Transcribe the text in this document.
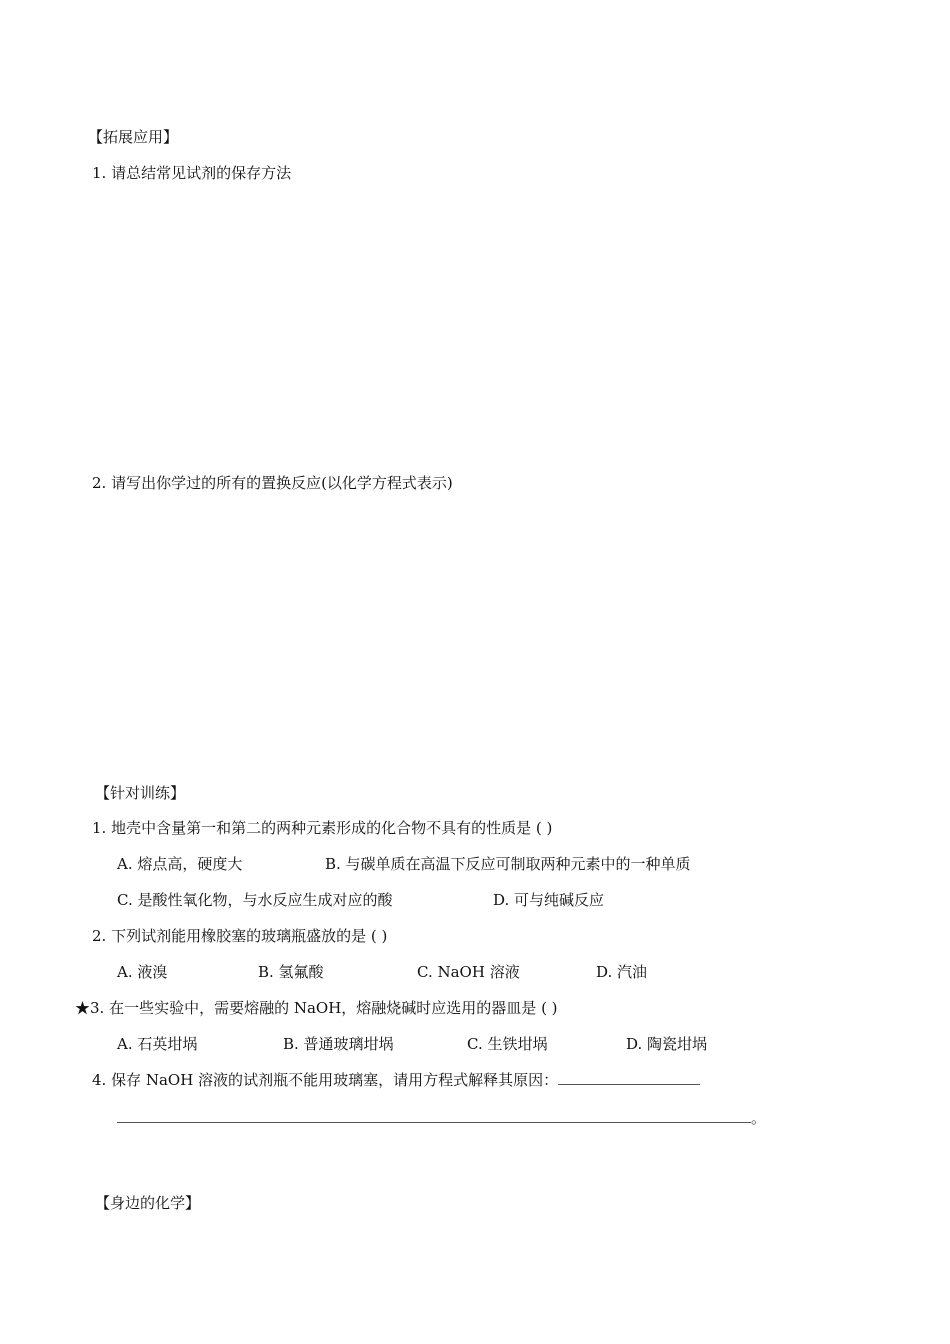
【拓展应用】
1. 请总结常见试剂的保存方法
2. 请写出你学过的所有的置换反应(以化学方程式表示)
【针对训练】
1. 地壳中含量第一和第二的两种元素形成的化合物不具有的性质是 ( )
A. 熔点高，硬度大	B. 与碳单质在高温下反应可制取两种元素中的一种单质
C. 是酸性氧化物，与水反应生成对应的酸	D. 可与纯碱反应
2. 下列试剂能用橡胶塞的玻璃瓶盛放的是 ( )
A. 液溴	B. 氢氟酸	C. NaOH 溶液	D. 汽油
★3. 在一些实验中，需要熔融的 NaOH，熔融烧碱时应选用的器皿是 ( )
A. 石英坩埚	B. 普通玻璃坩埚	C. 生铁坩埚	D. 陶瓷坩埚
4. 保存 NaOH 溶液的试剂瓶不能用玻璃塞，请用方程式解释其原因：
。
【身边的化学】
